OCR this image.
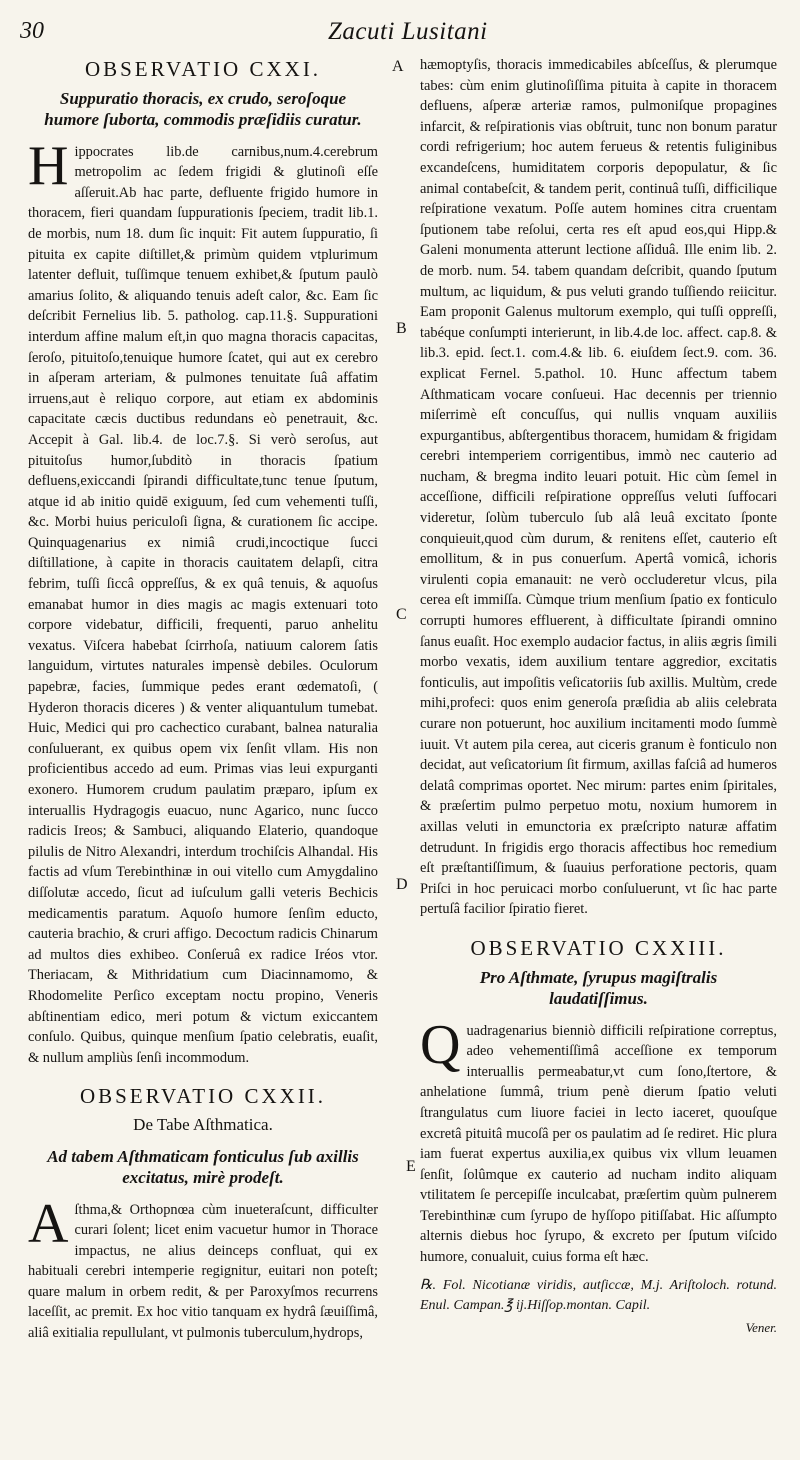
30	Zacuti Lusitani
A
B
C
D
E
OBSERVATIO CXXI.
Suppuratio thoracis, ex crudo, seroſoque humore ſuborta, commodis præſidiis curatur.
H ippocrates lib.de carnibus,num.4.cerebrum metropolim ac ſedem frigidi & glutinoſi eſſe aſſeruit.Ab hac parte, defluente frigido humore in thoracem, fieri quandam ſuppurationis ſpeciem, tradit lib.1. de morbis, num 18. dum ſic inquit: Fit autem ſuppuratio, ſi pituita ex capite diſtillet,& primùm quidem vtplurimum latenter defluit, tuſſimque tenuem exhibet,& ſputum paulò amarius ſolito, & aliquando tenuis adeſt calor, &c. Eam ſic deſcribit Fernelius lib. 5. patholog. cap.11.§. Suppurationi interdum affine malum eſt,in quo magna thoracis capacitas, ſeroſo, pituitoſo,tenuique humore ſcatet, qui aut ex cerebro in aſperam arteriam, & pulmones tenuitate ſuâ affatim irruens,aut è reliquo corpore, aut etiam ex abdominis capacitate cæcis ductibus redundans eò penetrauit, &c. Accepit à Gal. lib.4. de loc.7.§. Si verò seroſus, aut pituitoſus humor,ſubditò in thoracis ſpatium defluens,exiccandi ſpirandi difficultate,tunc tenue ſputum, atque id ab initio quidē exiguum, ſed cum vehementi tuſſi, &c. Morbi huius periculoſi ſigna, & curationem ſic accipe. Quinquagenarius ex nimiâ crudi,incoctique ſucci diſtillatione, à capite in thoracis cauitatem delapſi, citra febrim, tuſſi ſiccâ oppreſſus, & ex quâ tenuis, & aquoſus emanabat humor in dies magis ac magis extenuari toto corpore videbatur, difficili, frequenti, paruo anhelitu vexatus. Viſcera habebat ſcirrhoſa, natiuum calorem ſatis languidum, virtutes naturales impensè debiles. Oculorum papebræ, facies, ſummique pedes erant œdematoſi, ( Hyderon thoracis diceres ) & venter aliquantulum tumebat. Huic, Medici qui pro cachectico curabant, balnea naturalia conſuluerant, ex quibus opem vix ſenſit vllam. His non proficientibus accedo ad eum. Primas vias leui expurganti exonero. Humorem crudum paulatim præparo, ipſum ex interuallis Hydragogis euacuo, nunc Agarico, nunc ſucco radicis Ireos; & Sambuci, aliquando Elaterio, quandoque pilulis de Nitro Alexandri, interdum trochiſcis Alhandal. His factis ad vſum Terebinthinæ in oui vitello cum Amygdalino diſſolutæ accedo, ſicut ad iuſculum galli veteris Bechicis medicamentis paratum. Aquoſo humore ſenſim educto, cauteria brachio, & cruri affigo. Decoctum radicis Chinarum ad multos dies exhibeo. Conſeruâ ex radice Iréos vtor. Theriacam, & Mithridatium cum Diacinnamomo, & Rhodomelite Perſico exceptam noctu propino, Veneris abſtinentiam edico, meri potum & victum exiccantem conſulo. Quibus, quinque menſium ſpatio celebratis, euaſit, & nullum ampliùs ſenſi incommodum.
OBSERVATIO CXXII.
De Tabe Aſthmatica.
Ad tabem Aſthmaticam fonticulus ſub axillis excitatus, mirè prodeſt.
A ſthma,& Orthopnœa cùm inueteraſcunt, difficulter curari ſolent; licet enim vacuetur humor in Thorace impactus, ne alius deinceps confluat, qui ex habituali cerebri intemperie regignitur, euitari non poteſt; quare malum in orbem redit, & per Paroxyſmos recurrens laceſſit, ac premit. Ex hoc vitio tanquam ex hydrâ ſæuiſſimâ, aliâ exitialia repullulant, vt pulmonis tuberculum,hydrops,
hæmoptyſis, thoracis immedicabiles abſceſſus, & plerumque tabes: cùm enim glutinoſiſſima pituita à capite in thoracem defluens, aſperæ arteriæ ramos, pulmoniſque propagines infarcit, & reſpirationis vias obſtruit, tunc non bonum paratur cordi refrigerium; hoc autem ferueus & retentis fuliginibus excandeſcens, humiditatem corporis depopulatur, & ſic animal contabeſcit, & tandem perit, continuâ tuſſi, difficilique reſpiratione vexatum. Poſſe autem homines citra cruentam ſputionem tabe reſolui, certa res eſt apud eos,qui Hipp.& Galeni monumenta atterunt lectione aſſiduâ. Ille enim lib. 2. de morb. num. 54. tabem quandam deſcribit, quando ſputum multum, ac liquidum, & pus veluti grando tuſſiendo reiicitur. Eam proponit Galenus multorum exemplo, qui tuſſi oppreſſi, tabéque conſumpti interierunt, in lib.4.de loc. affect. cap.8. & lib.3. epid. ſect.1. com.4.& lib. 6. eiuſdem ſect.9. com. 36. explicat Fernel. 5.pathol. 10. Hunc affectum tabem Aſthmaticam vocare conſueui. Hac decennis per triennio miſerrimè eſt concuſſus, qui nullis vnquam auxiliis expurgantibus, abſtergentibus thoracem, humidam & frigidam cerebri intemperiem corrigentibus, immò nec cauterio ad nucham, & bregma indito leuari potuit. Hic cùm ſemel in acceſſione, difficili reſpiratione oppreſſus veluti ſuffocari videretur, ſolùm tuberculo ſub alâ leuâ excitato ſponte conquieuit,quod cùm durum, & renitens eſſet, cauterio eſt emollitum, & in pus conuerſum. Apertâ vomicâ, ichoris virulenti copia emanauit: ne verò occluderetur vlcus, pila cerea eſt immiſſa. Cùmque trium menſium ſpatio ex fonticulo corrupti humores effluerent, à difficultate ſpirandi omnino ſanus euaſit. Hoc exemplo audacior factus, in aliis ægris ſimili morbo vexatis, idem auxilium tentare aggredior, excitatis fonticulis, aut impoſitis veſicatoriis ſub axillis. Multùm, crede mihi,profeci: quos enim generoſa præſidia ab aliis celebrata curare non potuerunt, hoc auxilium incitamenti modo ſummè iuuit. Vt autem pila cerea, aut ciceris granum è fonticulo non decidat, aut veſicatorium ſit firmum, axillas faſciâ ad humeros delatâ comprimas oportet. Nec mirum: partes enim ſpiritales, & præſertim pulmo perpetuo motu, noxium humorem in axillas veluti in emunctoria ex præſcripto naturæ affatim detrudunt. In frigidis ergo thoracis affectibus hoc remedium eſt præſtantiſſimum, & ſuauius perforatione pectoris, quam Priſci in hoc peruicaci morbo conſuluerunt, vt ſic hac parte pertuſâ facilior ſpiratio fieret.
OBSERVATIO CXXIII.
Pro Aſthmate, ſyrupus magiſtralis laudatiſſimus.
Q uadragenarius bienniò difficili reſpiratione correptus, adeo vehementiſſimâ acceſſione ex temporum interuallis permeabatur,vt cum ſono,ſtertore, & anhelatione ſummâ, trium penè dierum ſpatio veluti ſtrangulatus cum liuore faciei in lecto iaceret, quouſque excretâ pituitâ mucoſâ per os paulatim ad ſe rediret. Hic plura iam fuerat expertus auxilia,ex quibus vix vllum leuamen ſenſit, ſolûmque ex cauterio ad nucham indito aliquam vtilitatem ſe percepiſſe inculcabat, præſertim quùm pulnerem Terebinthinæ cum ſyrupo de hyſſopo pitiſſabat. Hic aſſumpto alternis diebus hoc ſyrupo, & excreto per ſputum viſcido humore, conualuit, cuius forma eſt hæc.
℞. Fol. Nicotianæ viridis, autſiccæ, M.j. Ariſtoloch. rotund. Enul. Campan.℥ ij.Hiſſop.montan. Capil.
Vener.
